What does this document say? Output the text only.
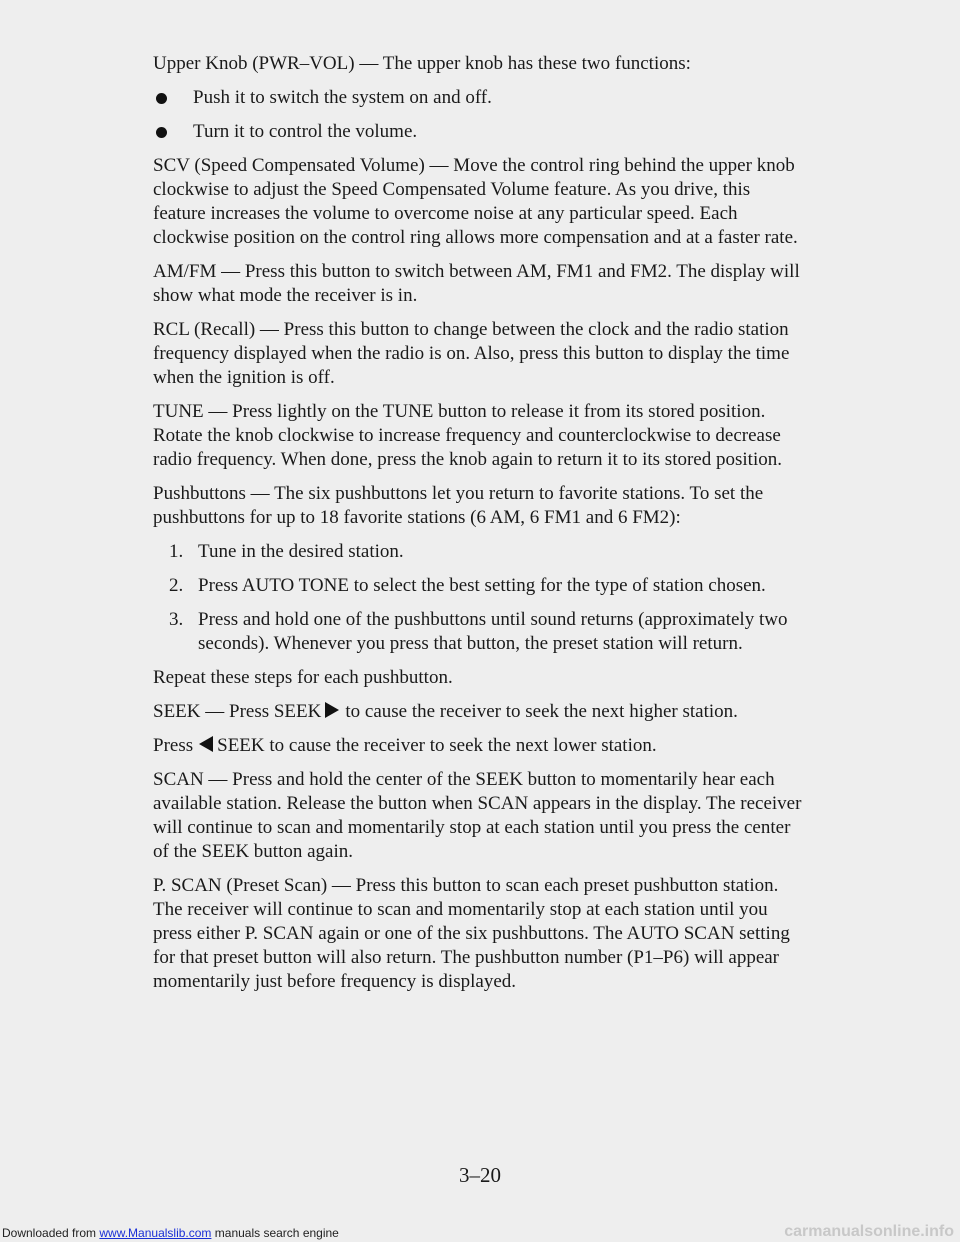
Upper Knob (PWR–VOL) — The upper knob has these two functions:

Push it to switch the system on and off.
Turn it to control the volume.

SCV (Speed Compensated Volume) — Move the control ring behind the upper knob clockwise to adjust the Speed Compensated Volume feature. As you drive, this feature increases the volume to overcome noise at any particular speed. Each clockwise position on the control ring allows more compensation and at a faster rate.

AM/FM — Press this button to switch between AM, FM1 and FM2. The display will show what mode the receiver is in.

RCL (Recall) — Press this button to change between the clock and the radio station frequency displayed when the radio is on. Also, press this button to display the time when the ignition is off.

TUNE — Press lightly on the TUNE button to release it from its stored position. Rotate the knob clockwise to increase frequency and counterclockwise to decrease radio frequency. When done, press the knob again to return it to its stored position.

Pushbuttons — The six pushbuttons let you return to favorite stations. To set the pushbuttons for up to 18 favorite stations (6 AM, 6 FM1 and 6 FM2):

1. Tune in the desired station.
2. Press AUTO TONE to select the best setting for the type of station chosen.
3. Press and hold one of the pushbuttons until sound returns (approximately two seconds). Whenever you press that button, the preset station will return.

Repeat these steps for each pushbutton.

SEEK — Press SEEK to cause the receiver to seek the next higher station.

Press SEEK to cause the receiver to seek the next lower station.

SCAN — Press and hold the center of the SEEK button to momentarily hear each available station. Release the button when SCAN appears in the display. The receiver will continue to scan and momentarily stop at each station until you press the center of the SEEK button again.

P. SCAN (Preset Scan) — Press this button to scan each preset pushbutton station. The receiver will continue to scan and momentarily stop at each station until you press either P. SCAN again or one of the six pushbuttons. The AUTO SCAN setting for that preset button will also return. The pushbutton number (P1–P6) will appear momentarily just before frequency is displayed.

3–20
Downloaded from www.Manualslib.com manuals search engine	carmanualsonline.info
